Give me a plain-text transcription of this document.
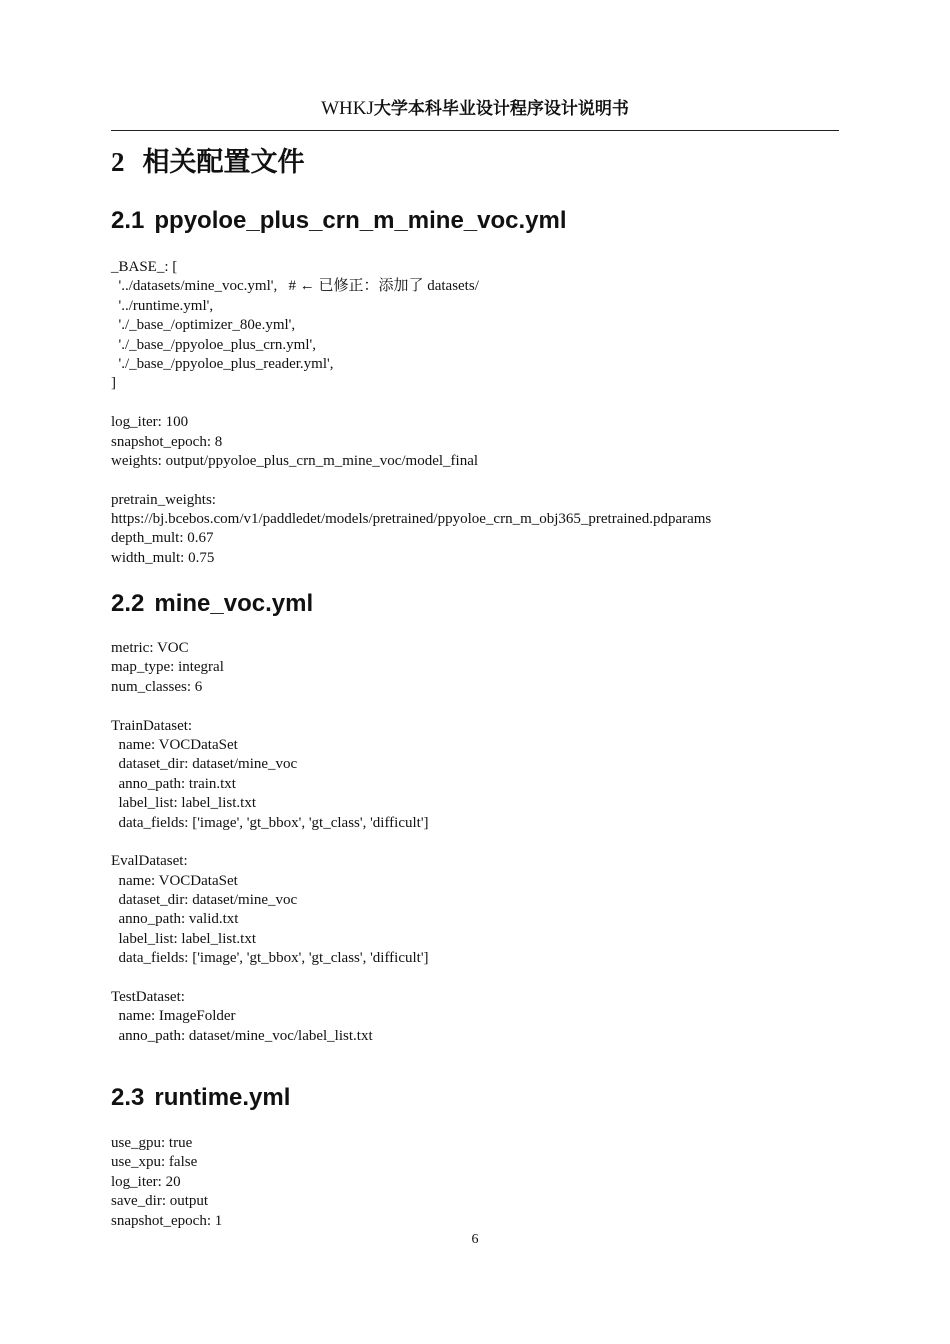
WHKJ大学本科毕业设计程序设计说明书
2 相关配置文件
2.1 ppyoloe_plus_crn_m_mine_voc.yml
_BASE_: [
'../datasets/mine_voc.yml',   # ← 已修正：添加了 datasets/
'../runtime.yml',
'./_base_/optimizer_80e.yml',
'./_base_/ppyoloe_plus_crn.yml',
'./_base_/ppyoloe_plus_reader.yml',
]
log_iter: 100
snapshot_epoch: 8
weights: output/ppyoloe_plus_crn_m_mine_voc/model_final
pretrain_weights:
https://bj.bcebos.com/v1/paddledet/models/pretrained/ppyoloe_crn_m_obj365_pretrained.pdparams
depth_mult: 0.67
width_mult: 0.75
2.2 mine_voc.yml
metric: VOC
map_type: integral
num_classes: 6
TrainDataset:
name: VOCDataSet
dataset_dir: dataset/mine_voc
anno_path: train.txt
label_list: label_list.txt
data_fields: ['image', 'gt_bbox', 'gt_class', 'difficult']
EvalDataset:
name: VOCDataSet
dataset_dir: dataset/mine_voc
anno_path: valid.txt
label_list: label_list.txt
data_fields: ['image', 'gt_bbox', 'gt_class', 'difficult']
TestDataset:
name: ImageFolder
anno_path: dataset/mine_voc/label_list.txt
2.3 runtime.yml
use_gpu: true
use_xpu: false
log_iter: 20
save_dir: output
snapshot_epoch: 1
6
